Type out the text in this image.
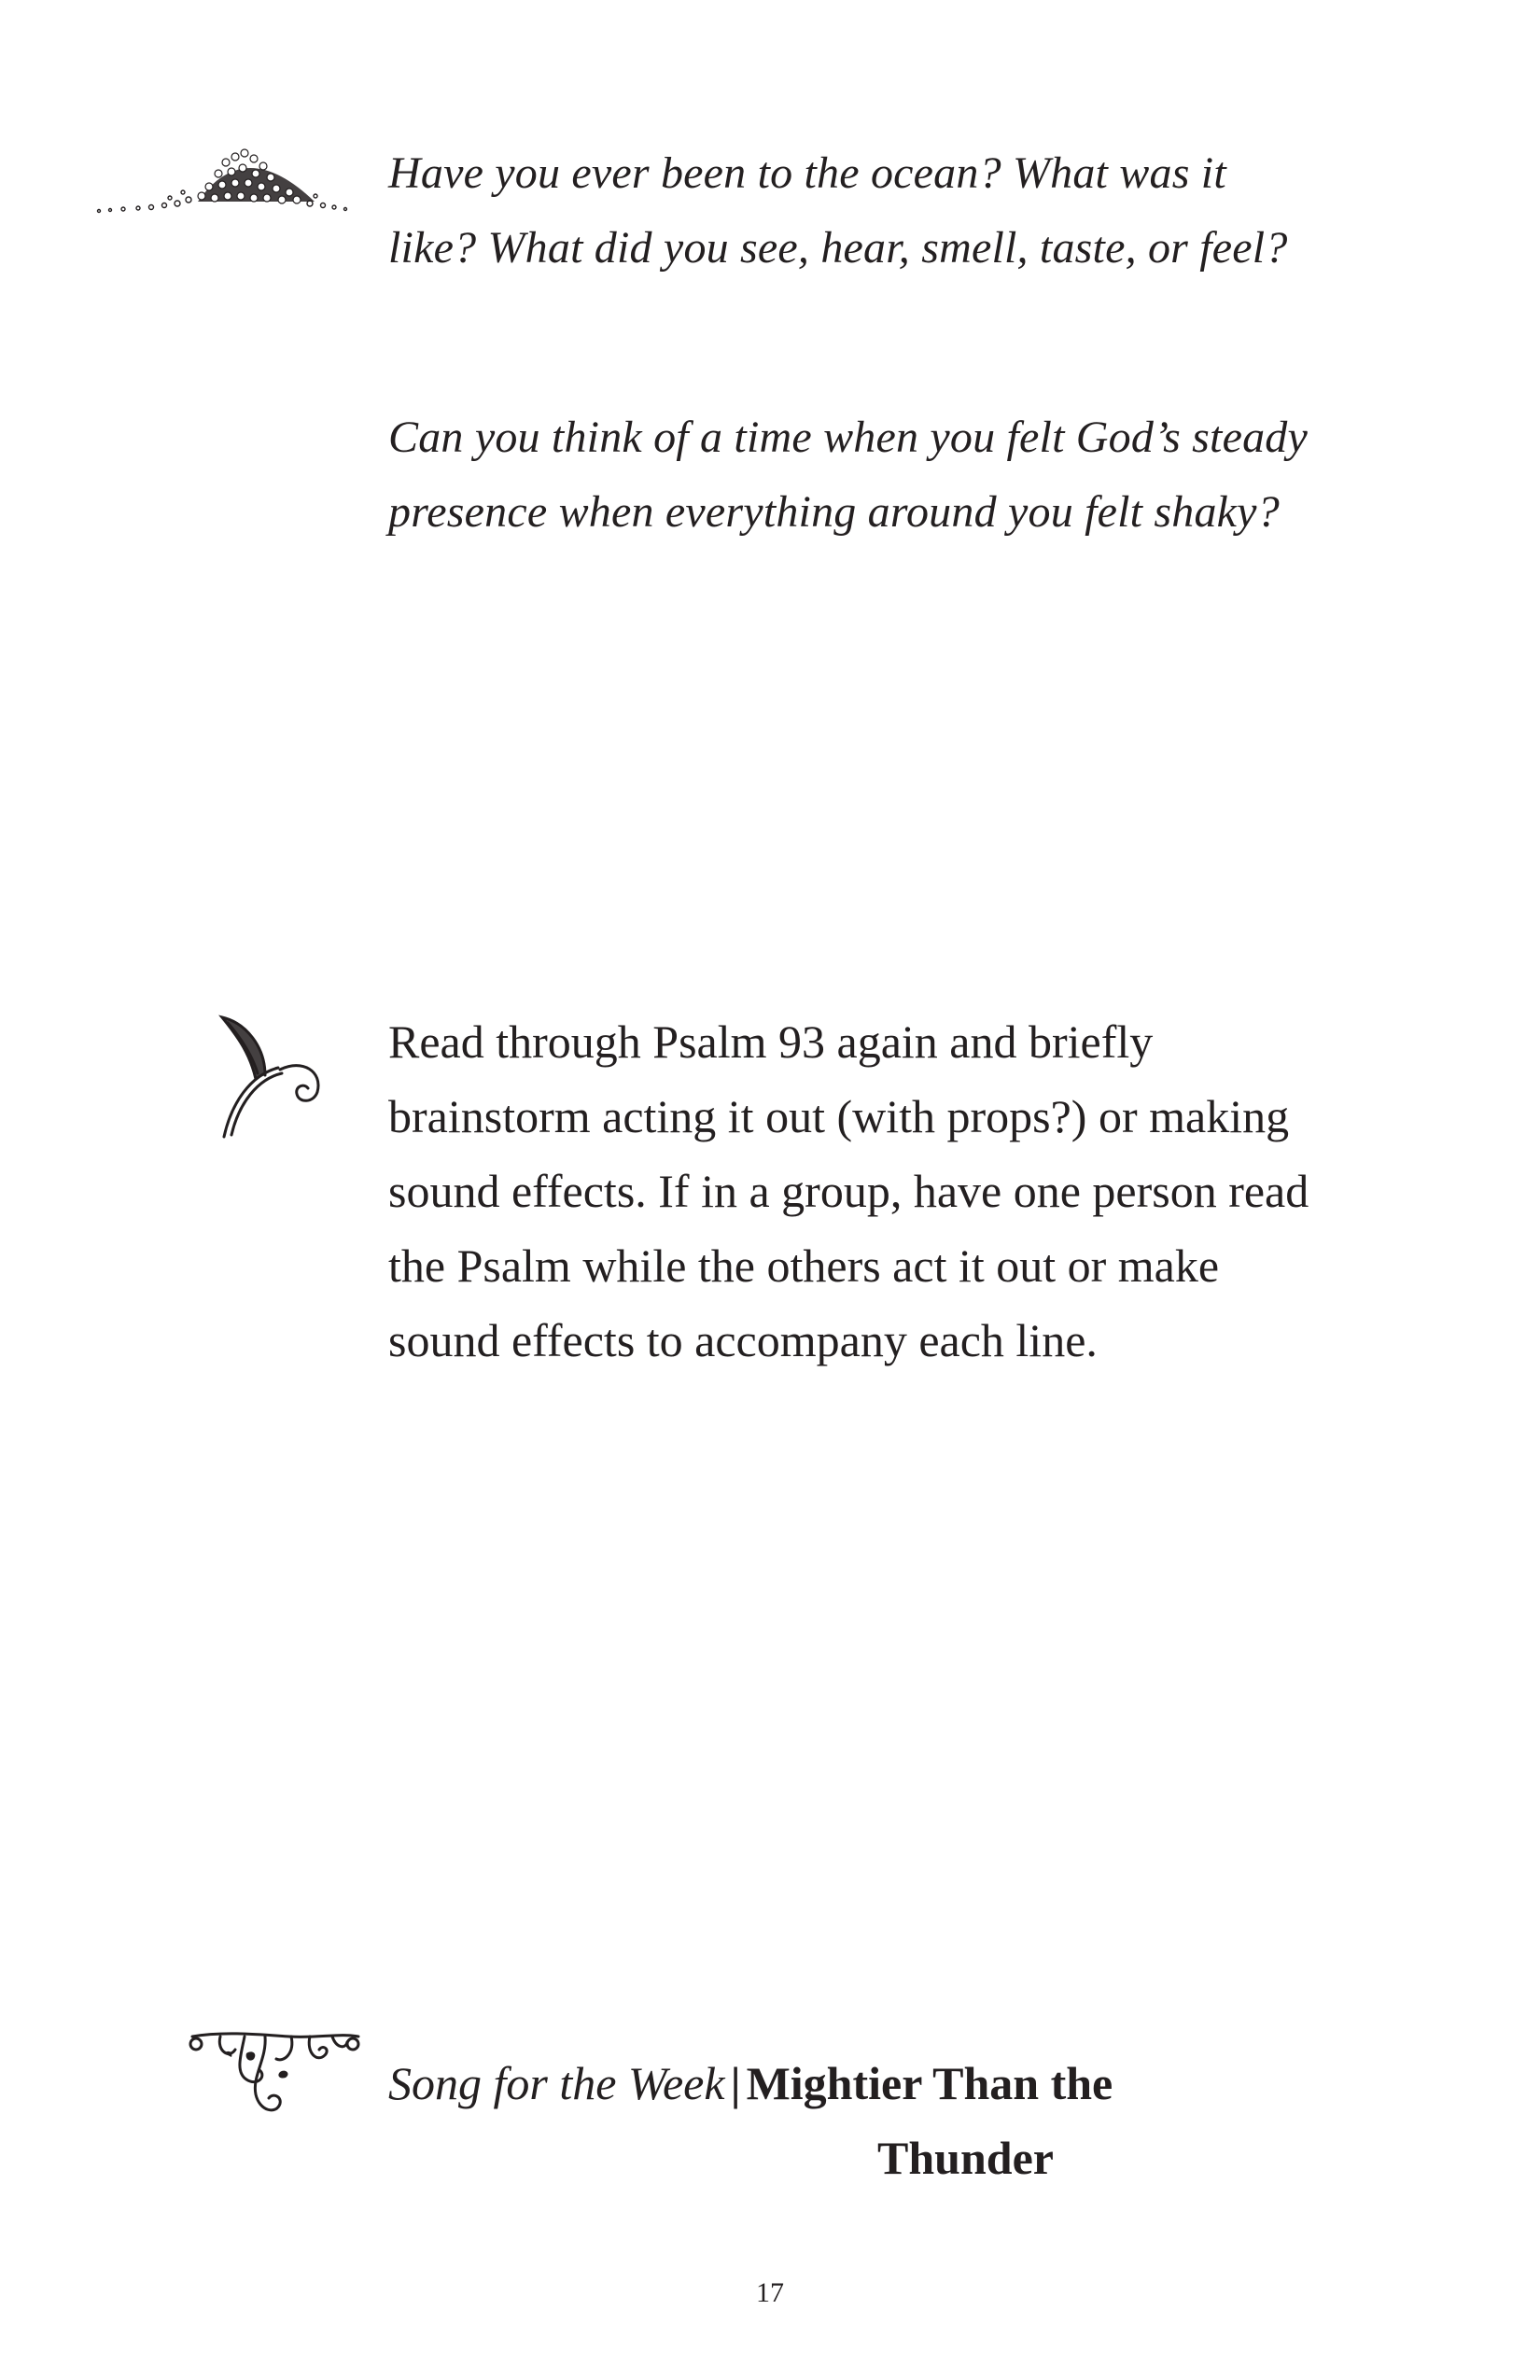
Have you ever been to the ocean? What was it
like? What did you see, hear, smell, taste, or feel?

Can you think of a time when you felt God’s steady
presence when everything around you felt shaky?

Read through Psalm 93 again and briefly
brainstorm acting it out (with props?) or making
sound effects. If in a group, have one person read
the Psalm while the others act it out or make
sound effects to accompany each line.

Song for the Week | Mightier Than the
Thunder
17
